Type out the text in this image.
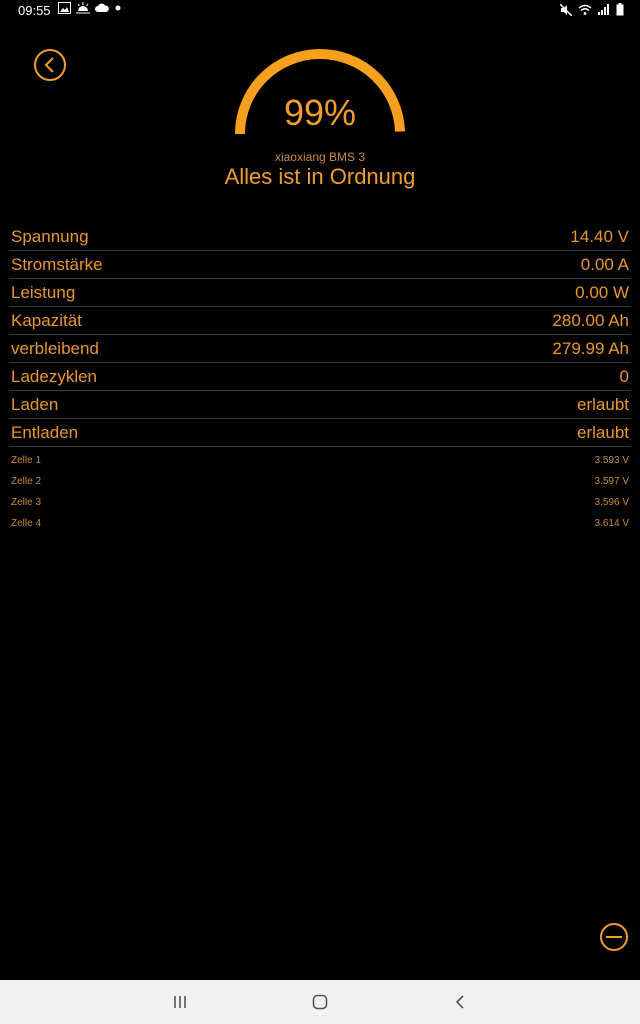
09:55
99%
xiaoxiang BMS 3
Alles ist in Ordnung
Spannung	14.40 V
Stromstärke	0.00 A
Leistung	0.00 W
Kapazität	280.00 Ah
verbleibend	279.99 Ah
Ladezyklen	0
Laden	erlaubt
Entladen	erlaubt
Zelle 1	3.593 V
Zelle 2	3.597 V
Zelle 3	3.596 V
Zelle 4	3.614 V
